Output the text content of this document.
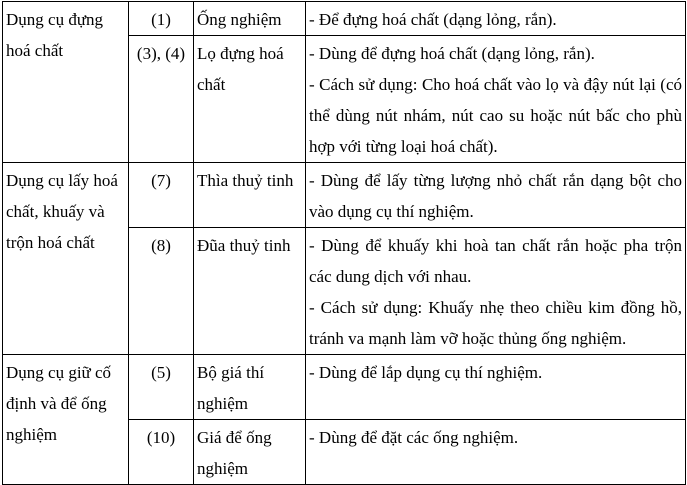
Dụng cụ đựng hoá chất	(1)	Ống nghiệm	- Để đựng hoá chất (dạng lỏng, rắn).

	(3), (4)	Lọ đựng hoá chất	- Dùng để đựng hoá chất (dạng lỏng, rắn).
- Cách sử dụng: Cho hoá chất vào lọ và đậy nút lại (có thể dùng nút nhám, nút cao su hoặc nút bấc cho phù hợp với từng loại hoá chất).

Dụng cụ lấy hoá chất, khuấy và trộn hoá chất	(7)	Thìa thuỷ tinh	- Dùng để lấy từng lượng nhỏ chất rắn dạng bột cho vào dụng cụ thí nghiệm.

	(8)	Đũa thuỷ tinh	- Dùng để khuấy khi hoà tan chất rắn hoặc pha trộn các dung dịch với nhau.
- Cách sử dụng: Khuấy nhẹ theo chiều kim đồng hồ, tránh va mạnh làm vỡ hoặc thủng ống nghiệm.

Dụng cụ giữ cố định và để ống nghiệm	(5)	Bộ giá thí nghiệm	- Dùng để lắp dụng cụ thí nghiệm.

	(10)	Giá để ống nghiệm	- Dùng để đặt các ống nghiệm.
